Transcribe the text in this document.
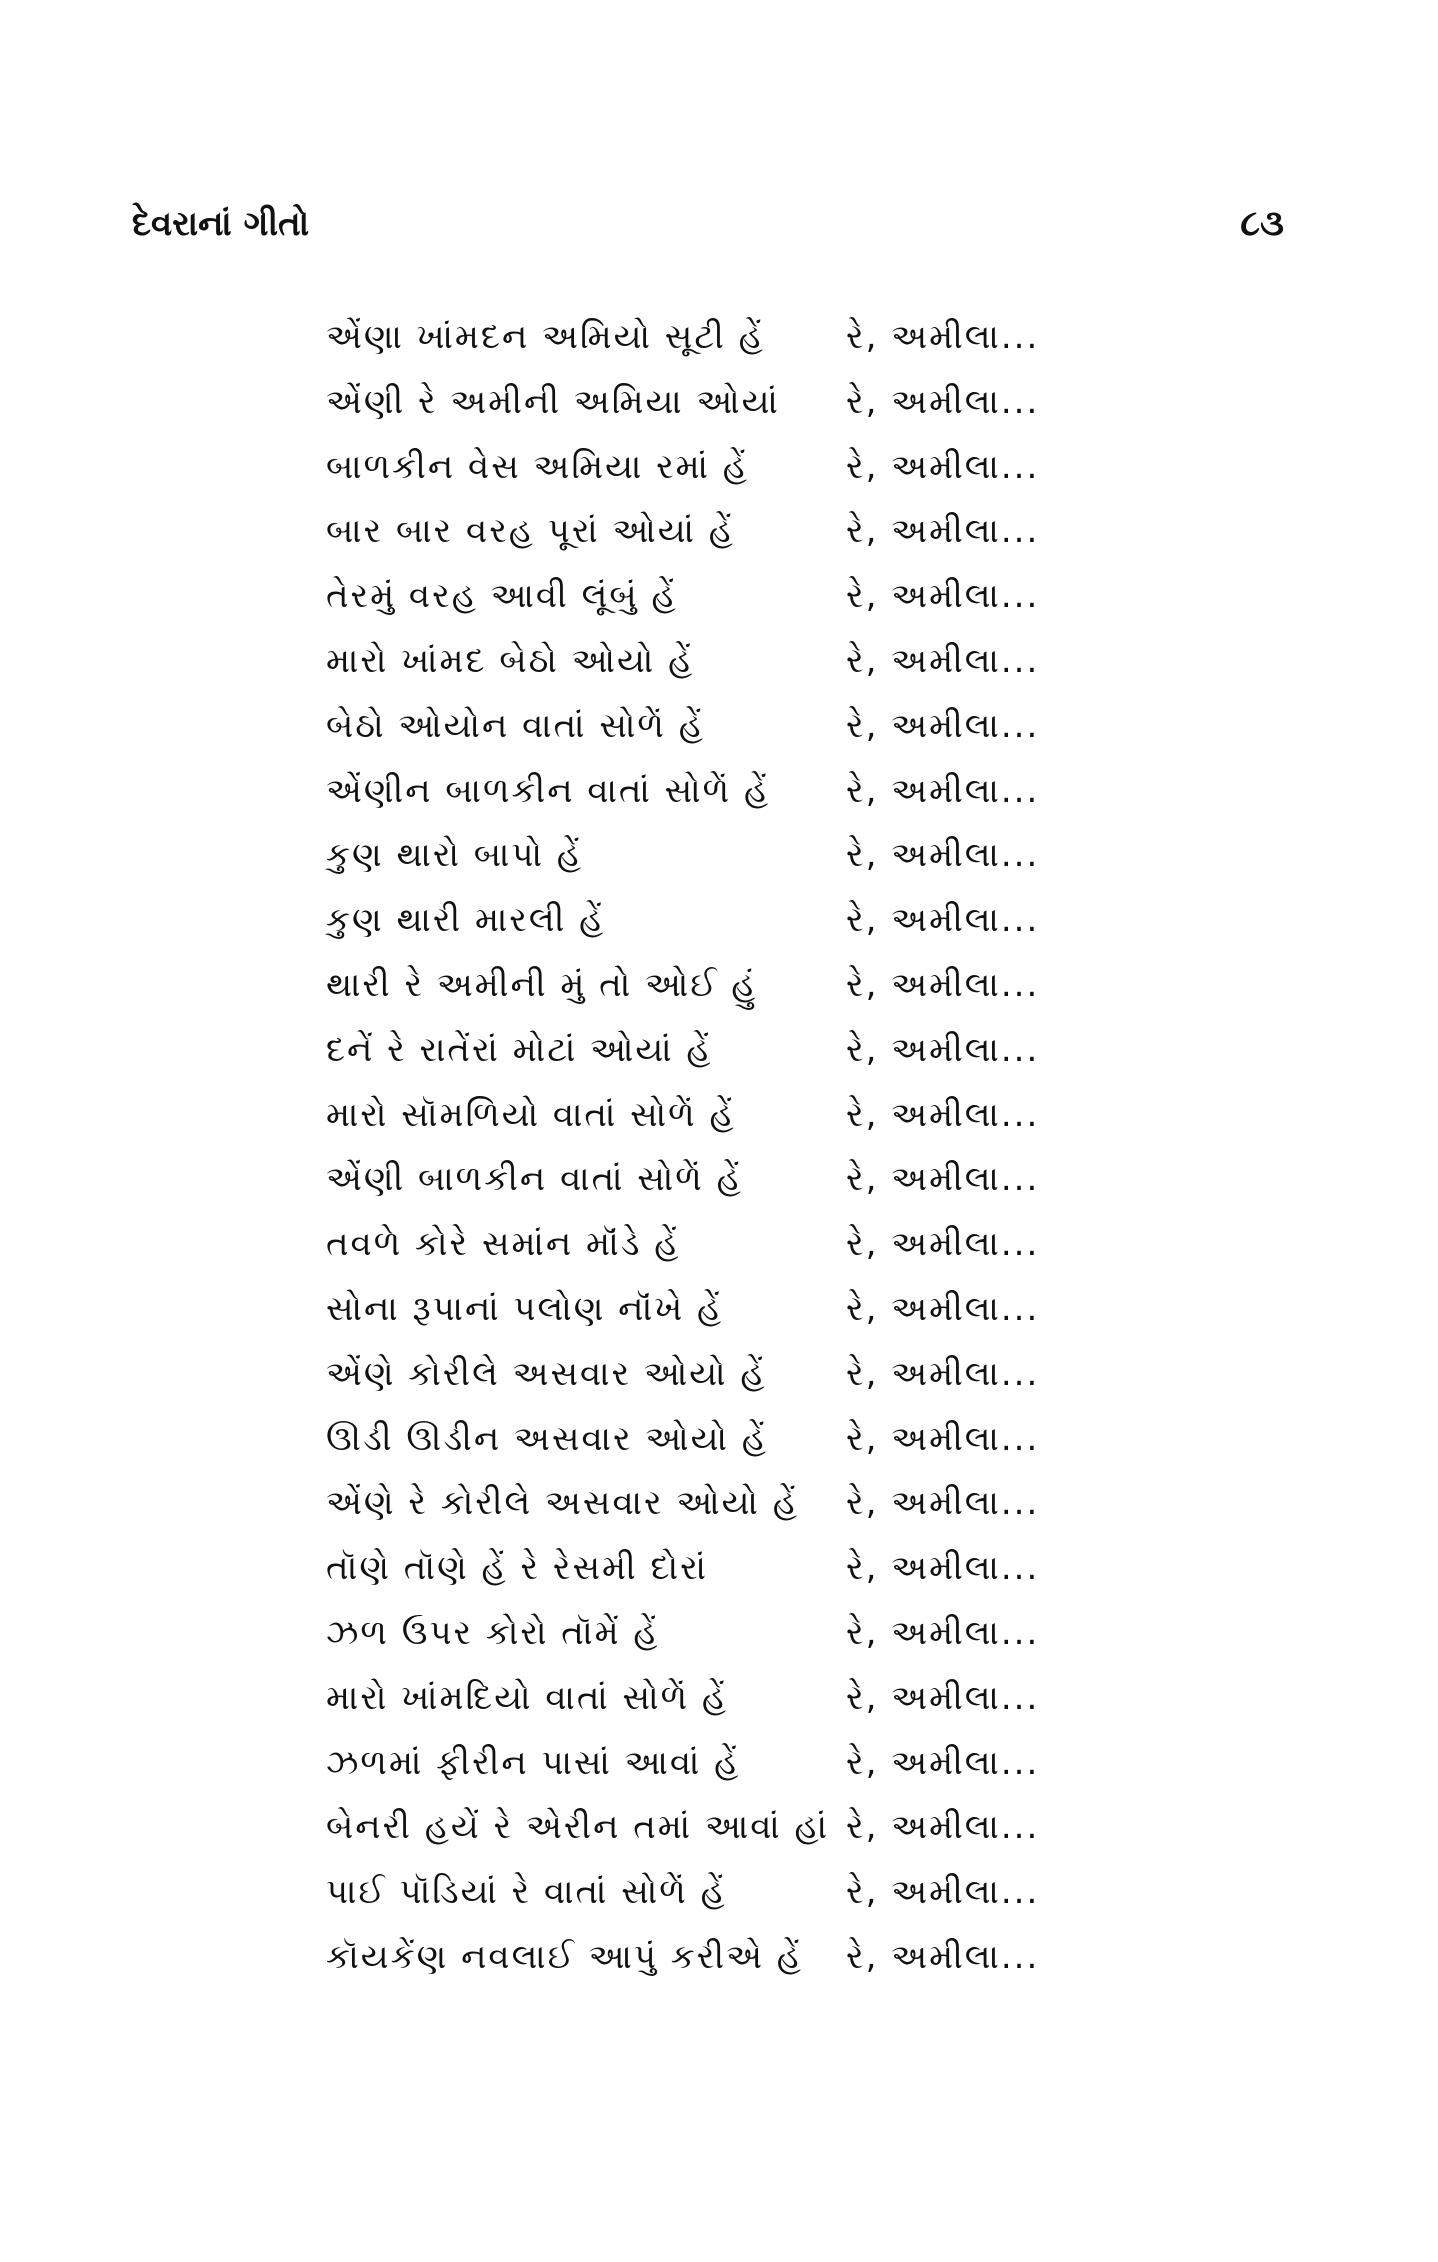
દેવરાનાં ગીતો	૮૩
એંણા ખાંમદન અમિયો સૂટી હેં	રે, અમીલા...
એંણી રે અમીની અમિયા ઓયાં	રે, અમીલા...
બાળકીન વેસ અમિયા રમાં હેં	રે, અમીલા...
બાર બાર વરહ પૂરાં ઓયાં હેં	રે, અમીલા...
તેરમું વરહ આવી લૂંબું હેં	રે, અમીલા...
મારો ખાંમદ બેઠો ઓયો હેં	રે, અમીલા...
બેઠો ઓયોન વાતાં સોળેં હેં	રે, અમીલા...
એંણીન બાળકીન વાતાં સોળેં હેં	રે, અમીલા...
કુણ થારો બાપો હેં	રે, અમીલા...
કુણ થારી મારલી હેં	રે, અમીલા...
થારી રે અમીની મું તો ઓઈ હું	રે, અમીલા...
દનેં રે રાતેંરાં મોટાં ઓયાં હેં	રે, અમીલા...
મારો સૉમળિયો વાતાં સોળેં હેં	રે, અમીલા...
એંણી બાળકીન વાતાં સોળેં હેં	રે, અમીલા...
તવળે કોરે સમાંન મૉંડે હેં	રે, અમીલા...
સોના રૂપાનાં પલોણ નૉંખે હેં	રે, અમીલા...
એંણે કોરીલે અસવાર ઓયો હેં	રે, અમીલા...
ઊડી ઊડીન અસવાર ઓયો હેં	રે, અમીલા...
એંણે રે કોરીલે અસવાર ઓયો હેં	રે, અમીલા...
તૉણે તૉણે હેં રે રેસમી દોરાં	રે, અમીલા...
ઝળ ઉપર કોરો તૉમેં હેં	રે, અમીલા...
મારો ખાંમદિયો વાતાં સોળેં હેં	રે, અમીલા...
ઝળમાં ફીરીન પાસાં આવાં હેં	રે, અમીલા...
બેનરી હયેં રે એરીન તમાં આવાં હાં રે, અમીલા...
પાઈ પૉડિયાં રે વાતાં સોળેં હેં	રે, અમીલા...
કૉયકેંણ નવલાઈ આપું કરીએ હેં	રે, અમીલા...
